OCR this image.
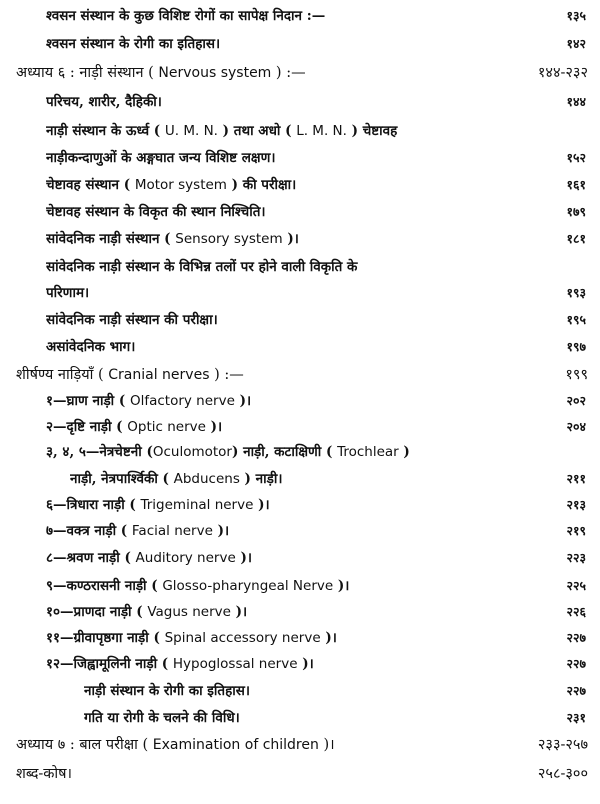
श्वसन संस्थान के कुछ विशिष्ट रोगों का सापेक्ष निदान :—	१३५
श्वसन संस्थान के रोगी का इतिहास।	१४२
अध्याय ६ : नाड़ी संस्थान ( Nervous system ) :—	१४४-२३२
परिचय, शारीर, दैहिकी।	१४४
नाड़ी संस्थान के ऊर्ध्व ( U. M. N. ) तथा अधो ( L. M. N. ) चेष्टावह
नाड़ीकन्दाणुओं के अङ्गघात जन्य विशिष्ट लक्षण।	१५२
चेष्टावह संस्थान ( Motor system ) की परीक्षा।	१६१
चेष्टावह संस्थान के विकृत की स्थान निश्चिति।	१७९
सांवेदनिक नाड़ी संस्थान ( Sensory system )।	१८१
सांवेदनिक नाड़ी संस्थान के विभिन्न तलों पर होने वाली विकृति के
परिणाम।	१९३
सांवेदनिक नाड़ी संस्थान की परीक्षा।	१९५
असांवेदनिक भाग।	१९७
शीर्षण्य नाड़ियाँ ( Cranial nerves ) :—	१९९
१—घ्राण नाड़ी ( Olfactory nerve )।	२०२
२—दृष्टि नाड़ी ( Optic nerve )।	२०४
३, ४, ५—नेत्रचेष्टनी (Oculomotor) नाड़ी, कटाक्षिणी ( Trochlear )
नाड़ी, नेत्रपार्श्विकी ( Abducens ) नाड़ी।	२११
६—त्रिधारा नाड़ी ( Trigeminal nerve )।	२१३
७—वक्त्र नाड़ी ( Facial nerve )।	२१९
८—श्रवण नाड़ी ( Auditory nerve )।	२२३
९—कण्ठरासनी नाड़ी ( Glosso-pharyngeal Nerve )।	२२५
१०—प्राणदा नाड़ी ( Vagus nerve )।	२२६
११—ग्रीवापृष्ठगा नाड़ी ( Spinal accessory nerve )।	२२७
१२—जिह्वामूलिनी नाड़ी ( Hypoglossal nerve )।	२२७
नाड़ी संस्थान के रोगी का इतिहास।	२२७
गति या रोगी के चलने की विधि।	२३१
अध्याय ७ : बाल परीक्षा ( Examination of children )।	२३३-२५७
शब्द-कोष।	२५८-३००
